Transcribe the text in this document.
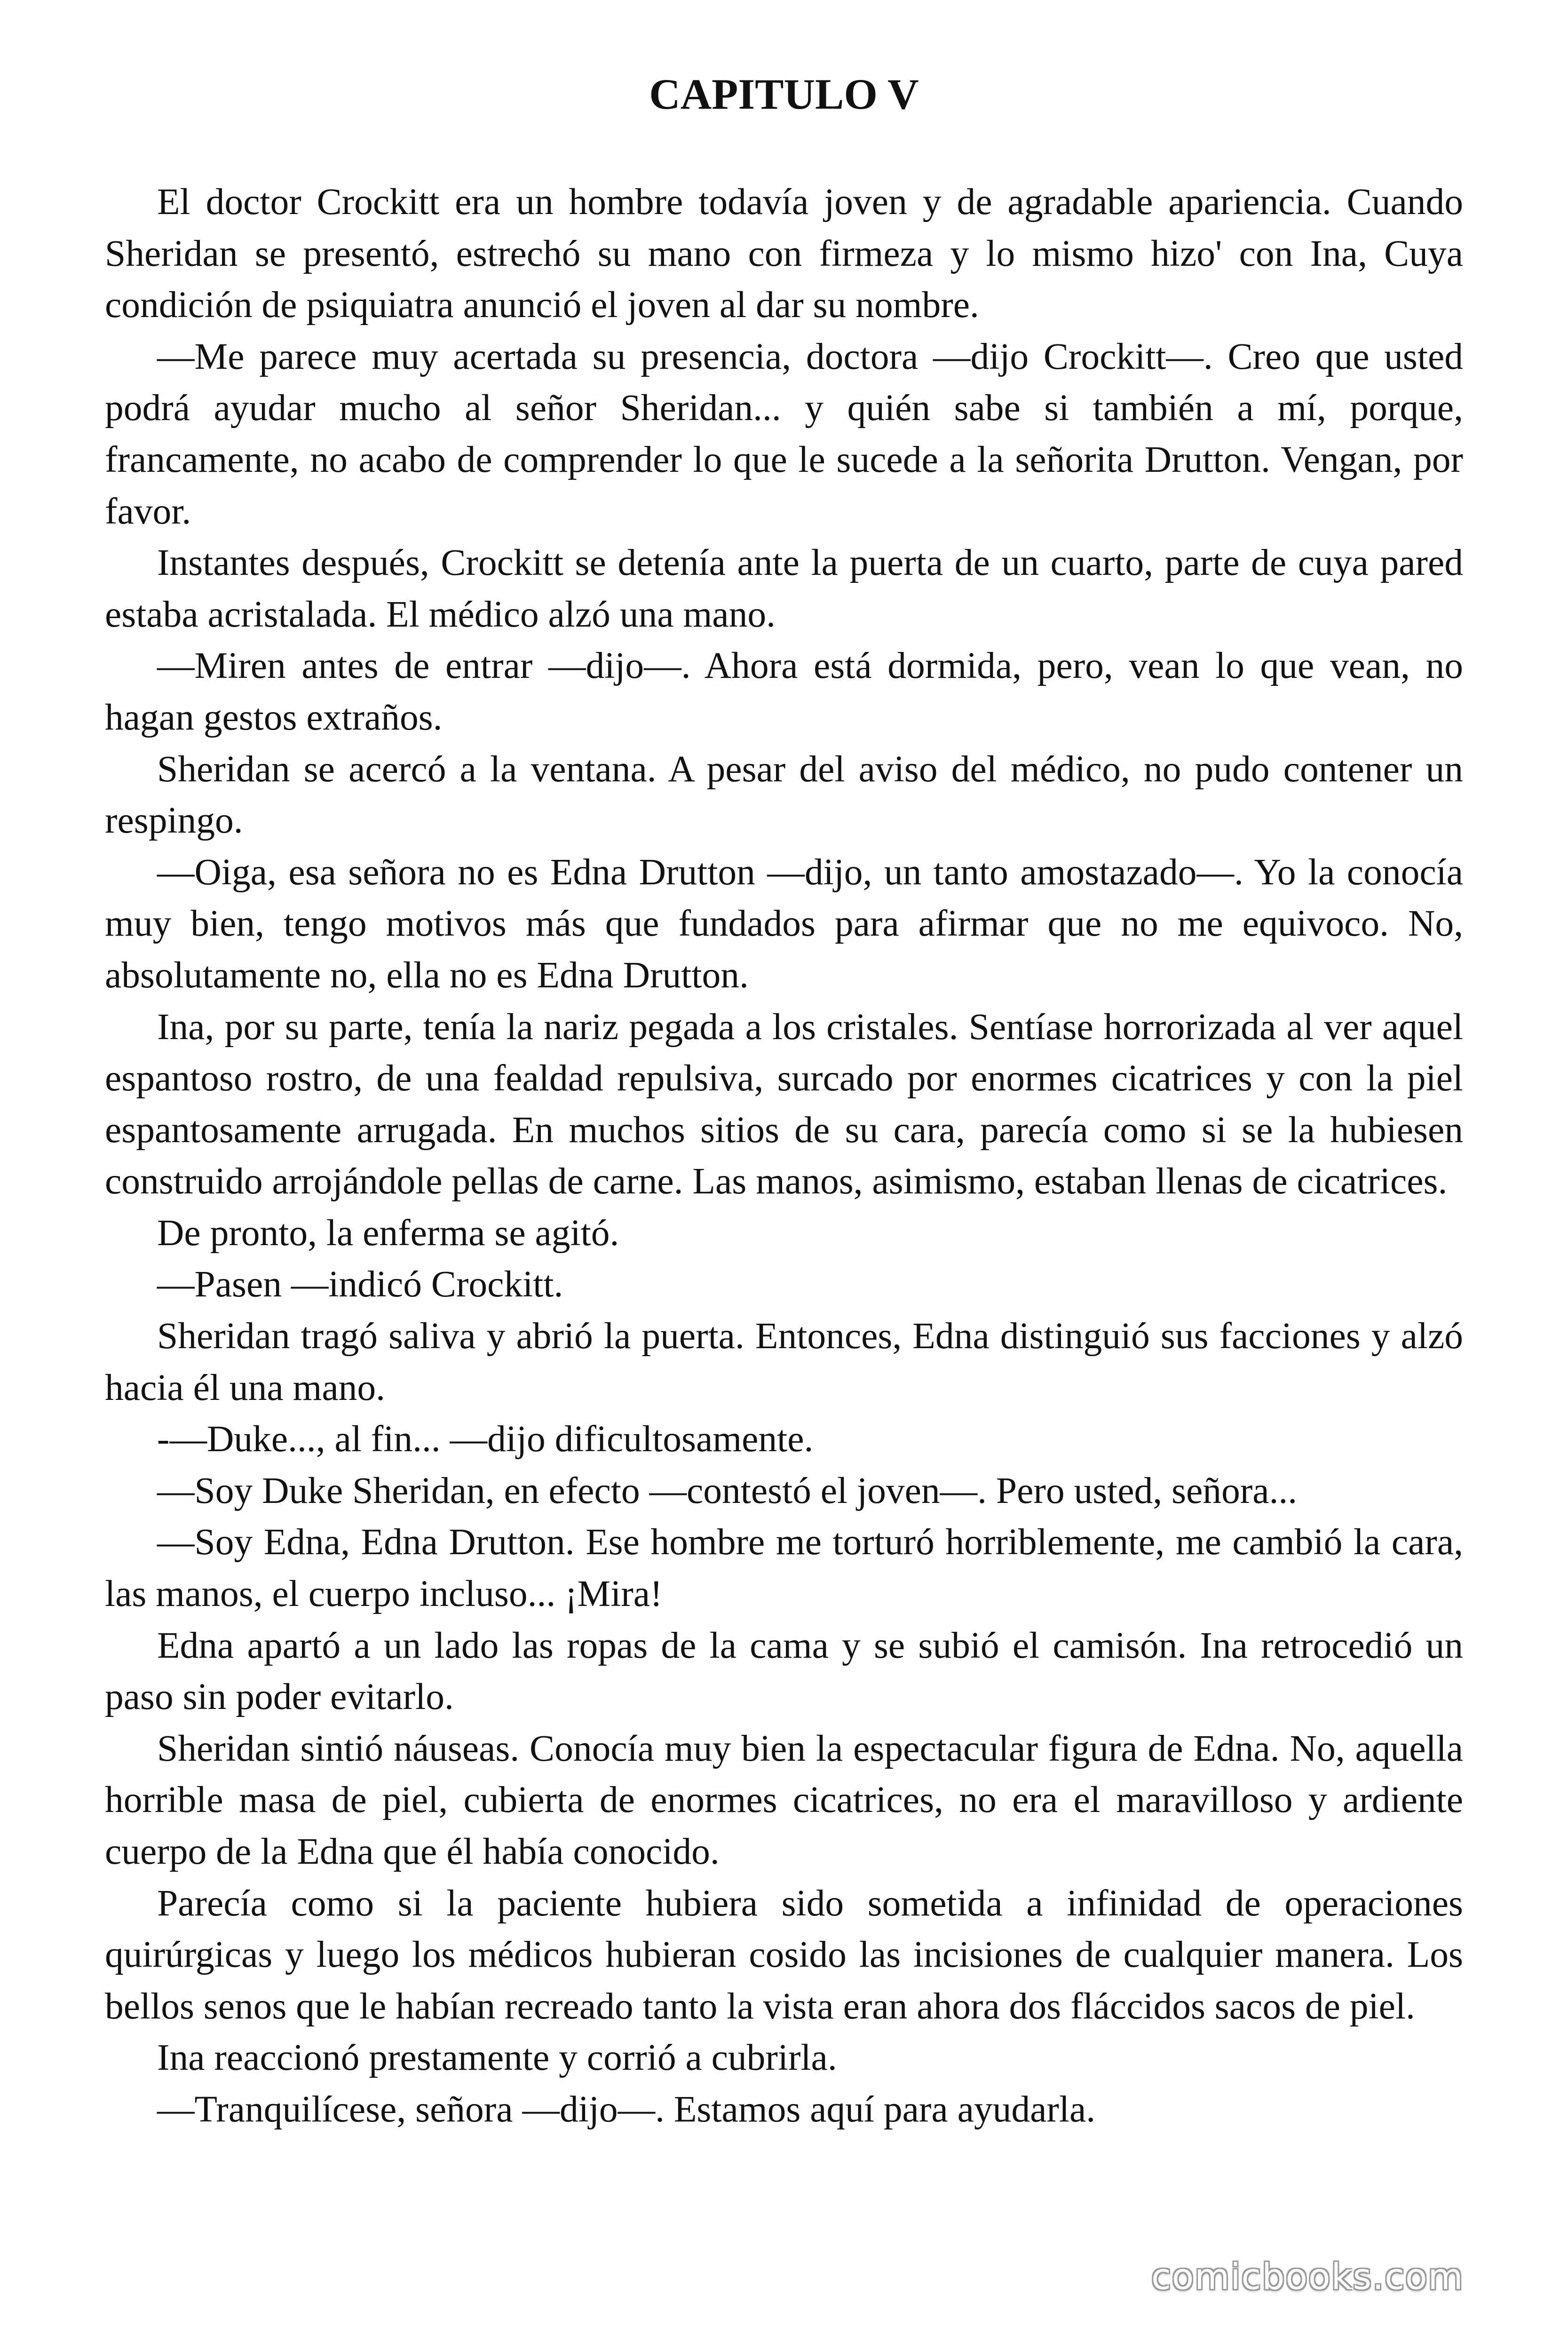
CAPITULO V

El doctor Crockitt era un hombre todavía joven y de agradable apariencia. Cuando Sheridan se presentó, estrechó su mano con firmeza y lo mismo hizo' con Ina, Cuya condición de psiquiatra anunció el joven al dar su nombre.

—Me parece muy acertada su presencia, doctora —dijo Crockitt—. Creo que usted podrá ayudar mucho al señor Sheridan... y quién sabe si también a mí, porque, francamente, no acabo de comprender lo que le sucede a la señorita Drutton. Vengan, por favor.

Instantes después, Crockitt se detenía ante la puerta de un cuarto, parte de cuya pared estaba acristalada. El médico alzó una mano.

—Miren antes de entrar —dijo—. Ahora está dormida, pero, vean lo que vean, no hagan gestos extraños.

Sheridan se acercó a la ventana. A pesar del aviso del médico, no pudo contener un respingo.

—Oiga, esa señora no es Edna Drutton —dijo, un tanto amostazado—. Yo la conocía muy bien, tengo motivos más que fundados para afirmar que no me equivoco. No, absolutamente no, ella no es Edna Drutton.

Ina, por su parte, tenía la nariz pegada a los cristales. Sentíase horrorizada al ver aquel espantoso rostro, de una fealdad repulsiva, surcado por enormes cicatrices y con la piel espantosamente arrugada. En muchos sitios de su cara, parecía como si se la hubiesen construido arrojándole pellas de carne. Las manos, asimismo, estaban llenas de cicatrices.

De pronto, la enferma se agitó.

—Pasen —indicó Crockitt.

Sheridan tragó saliva y abrió la puerta. Entonces, Edna distinguió sus facciones y alzó hacia él una mano.

-—Duke..., al fin... —dijo dificultosamente.

—Soy Duke Sheridan, en efecto —contestó el joven—. Pero usted, señora...

—Soy Edna, Edna Drutton. Ese hombre me torturó horriblemente, me cambió la cara, las manos, el cuerpo incluso... ¡Mira!

Edna apartó a un lado las ropas de la cama y se subió el camisón. Ina retrocedió un paso sin poder evitarlo.

Sheridan sintió náuseas. Conocía muy bien la espectacular figura de Edna. No, aquella horrible masa de piel, cubierta de enormes cicatrices, no era el maravilloso y ardiente cuerpo de la Edna que él había conocido.

Parecía como si la paciente hubiera sido sometida a infinidad de operaciones quirúrgicas y luego los médicos hubieran cosido las incisiones de cualquier manera. Los bellos senos que le habían recreado tanto la vista eran ahora dos fláccidos sacos de piel.

Ina reaccionó prestamente y corrió a cubrirla.

—Tranquilícese, señora —dijo—. Estamos aquí para ayudarla.

comicbooks.com
